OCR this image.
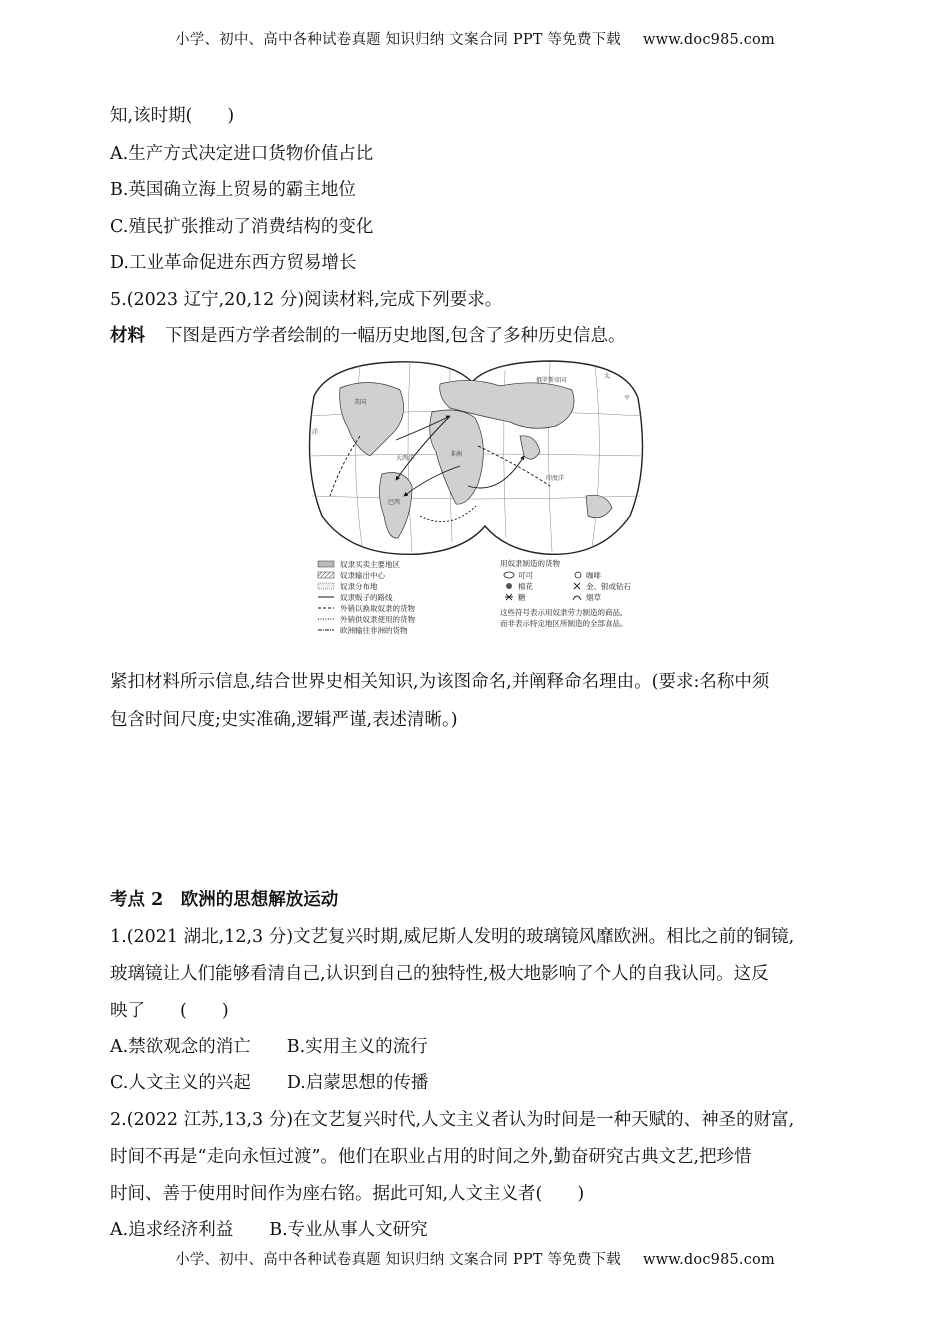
小学、初中、高中各种试卷真题 知识归纳 文案合同 PPT 等免费下载 www.doc985.com
知,该时期(　　)
A.生产方式决定进口货物价值占比
B.英国确立海上贸易的霸主地位
C.殖民扩张推动了消费结构的变化
D.工业革命促进东西方贸易增长
5.(2023 辽宁,20,12 分)阅读材料,完成下列要求。
材料 下图是西方学者绘制的一幅历史地图,包含了多种历史信息。
太
平
洋
大西洋
印度洋
俄罗斯帝国
美国
巴西
非洲
奴隶买卖主要地区
奴隶输出中心
奴隶分布地
奴隶贩子的路线
外销以换取奴隶的货物
外销供奴隶使用的货物
欧洲输往非洲的货物
用奴隶制造的货物
可可	咖啡
棉花	金、银或钻石
糖	烟草
这些符号表示用奴隶劳力制造的商品,
而非表示特定地区所制造的全部食品。
紧扣材料所示信息,结合世界史相关知识,为该图命名,并阐释命名理由。(要求:名称中须
包含时间尺度;史实准确,逻辑严谨,表述清晰。)
考点 2　欧洲的思想解放运动
1.(2021 湖北,12,3 分)文艺复兴时期,威尼斯人发明的玻璃镜风靡欧洲。相比之前的铜镜,
玻璃镜让人们能够看清自己,认识到自己的独特性,极大地影响了个人的自我认同。这反
映了　　(　　)
A.禁欲观念的消亡 B.实用主义的流行
C.人文主义的兴起 D.启蒙思想的传播
2.(2022 江苏,13,3 分)在文艺复兴时代,人文主义者认为时间是一种天赋的、神圣的财富,
时间不再是“走向永恒过渡”。他们在职业占用的时间之外,勤奋研究古典文艺,把珍惜
时间、善于使用时间作为座右铭。据此可知,人文主义者(　　)
A.追求经济利益 B.专业从事人文研究
小学、初中、高中各种试卷真题 知识归纳 文案合同 PPT 等免费下载 www.doc985.com
